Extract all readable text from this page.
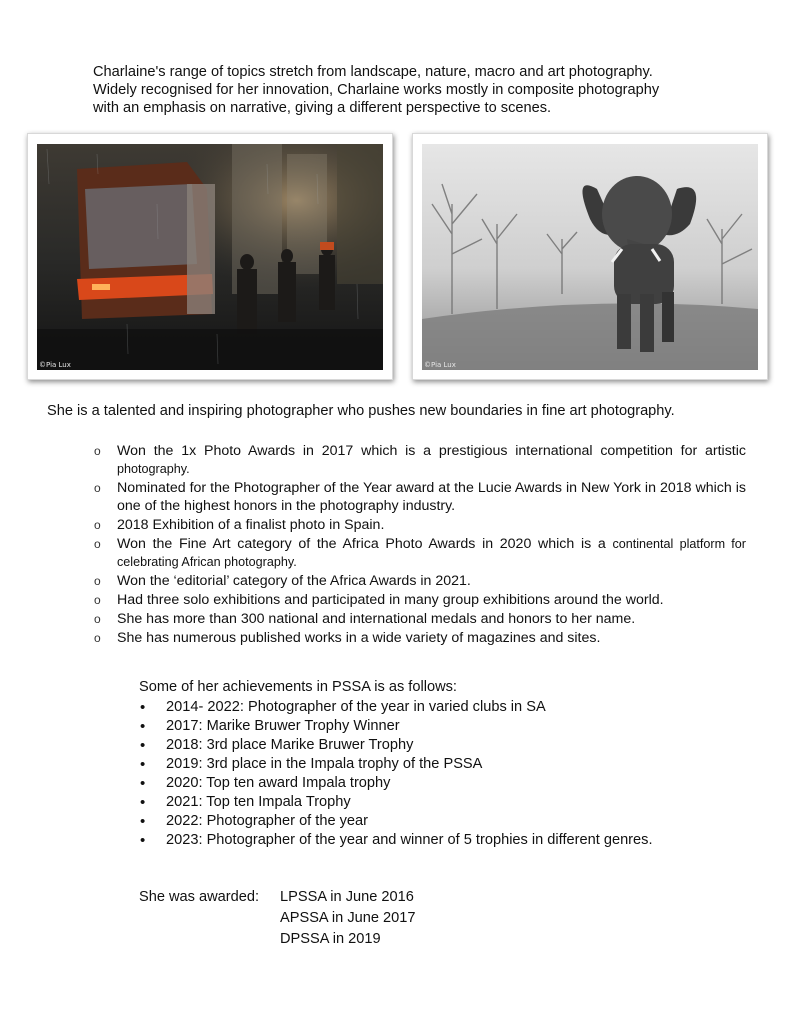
Charlaine's range of topics stretch from landscape, nature, macro and art photography.

Widely recognised for her innovation, Charlaine works mostly in composite photography

with an emphasis on narrative, giving a different perspective to scenes.

©Pia Lux	©Pia Lux
She is a talented and inspiring photographer who pushes new boundaries in fine art photography.
o Won the 1x Photo Awards in 2017 which is a prestigious international competition for artistic photography.
o Nominated for the Photographer of the Year award at the Lucie Awards in New York in 2018 which is one of the highest honors in the photography industry.
o 2018 Exhibition of a finalist photo in Spain.
o Won the Fine Art category of the Africa Photo Awards in 2020 which is a continental platform for celebrating African photography.
o Won the ‘editorial’ category of the Africa Awards in 2021.
o Had three solo exhibitions and participated in many group exhibitions around the world.
o She has more than 300 national and international medals and honors to her name.
o She has numerous published works in a wide variety of magazines and sites.

Some of her achievements in PSSA is as follows:

• 2014- 2022: Photographer of the year in varied clubs in SA
• 2017: Marike Bruwer Trophy Winner
• 2018: 3rd place Marike Bruwer Trophy
• 2019: 3rd place in the Impala trophy of the PSSA
• 2020: Top ten award Impala trophy
• 2021: Top ten Impala Trophy
• 2022: Photographer of the year
• 2023: Photographer of the year and winner of 5 trophies in different genres.
She was awarded: LPSSA in June 2016
APSSA in June 2017
DPSSA in 2019
